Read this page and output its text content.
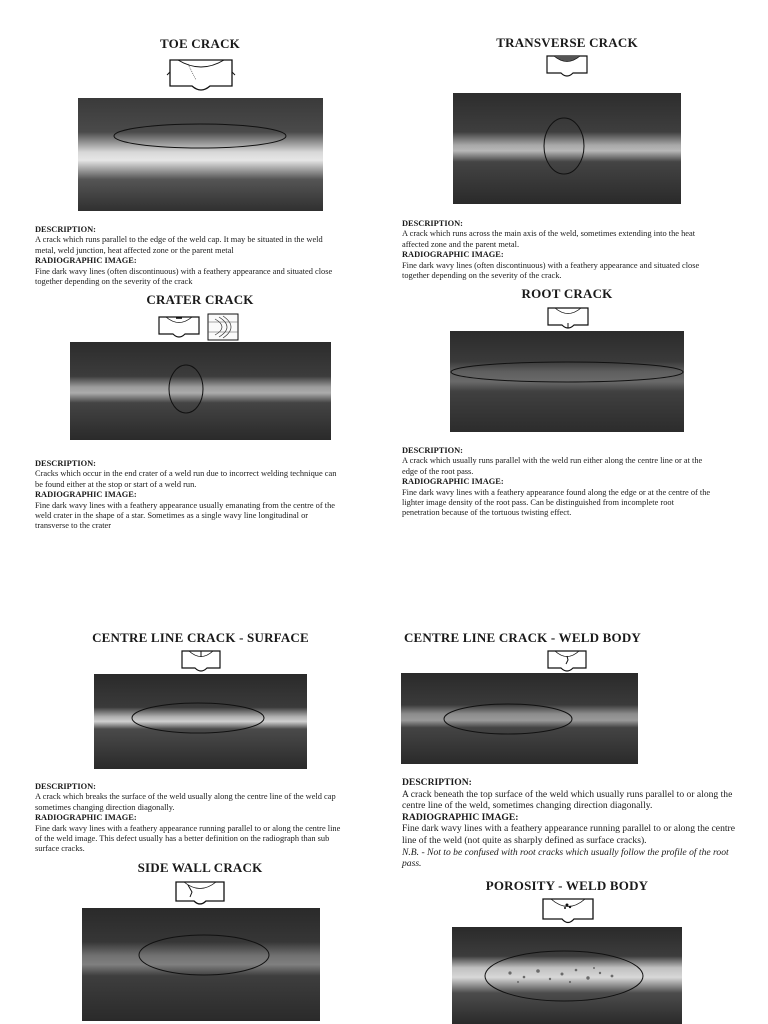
TOE CRACK
DESCRIPTION:
A crack which runs parallel to the edge of the weld cap. It may be situated in the weld metal, weld junction, heat affected zone or the parent metal
RADIOGRAPHIC IMAGE:
Fine dark wavy lines (often discontinuous) with a feathery appearance and situated close together depending on the severity of the crack
TRANSVERSE CRACK
DESCRIPTION:
A crack which runs across the main axis of the weld, sometimes extending into the heat affected zone and the parent metal.
RADIOGRAPHIC IMAGE:
Fine dark wavy lines (often discontinuous) with a feathery appearance and situated close together depending on the severity of the crack.
CRATER CRACK
DESCRIPTION:
Cracks which occur in the end crater of a weld run due to incorrect welding technique can be found either at the stop or start of a weld run.
RADIOGRAPHIC IMAGE:
Fine dark wavy lines with a feathery appearance usually emanating from the centre of the weld crater in the shape of a star. Sometimes as a single wavy line longitudinal or transverse to the crater
ROOT CRACK
DESCRIPTION:
A crack which usually runs parallel with the weld run either along the centre line or at the edge of the root pass.
RADIOGRAPHIC IMAGE:
Fine dark wavy lines with a feathery appearance found along the edge or at the centre of the lighter image density of the root pass. Can be distinguished from incomplete root penetration because of the tortuous twisting effect.
CENTRE LINE CRACK - SURFACE
DESCRIPTION:
A crack which breaks the surface of the weld usually along the centre line of the weld cap sometimes changing direction diagonally.
RADIOGRAPHIC IMAGE:
Fine dark wavy lines with a feathery appearance running parallel to or along the centre line of the weld image. This defect usually has a better definition on the radiograph than sub surface cracks.
CENTRE LINE CRACK - WELD BODY
DESCRIPTION:
A crack beneath the top surface of the weld which usually runs parallel to or along the centre line of the weld, sometimes changing direction diagonally.
RADIOGRAPHIC IMAGE:
Fine dark wavy lines with a feathery appearance running parallel to or along the centre line of the weld (not quite as sharply defined as surface cracks).
N.B. - Not to be confused with root cracks which usually follow the profile of the root pass.
SIDE WALL CRACK
POROSITY - WELD BODY
